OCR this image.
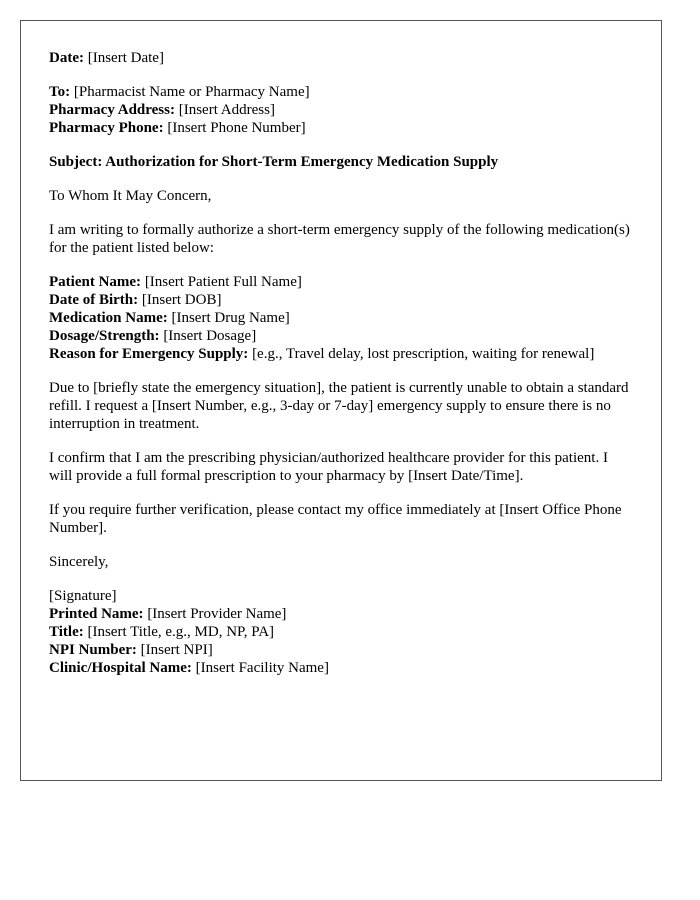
Date: [Insert Date]

To: [Pharmacist Name or Pharmacy Name]
Pharmacy Address: [Insert Address]
Pharmacy Phone: [Insert Phone Number]

Subject: Authorization for Short-Term Emergency Medication Supply

To Whom It May Concern,

I am writing to formally authorize a short-term emergency supply of the following medication(s) for the patient listed below:

Patient Name: [Insert Patient Full Name]
Date of Birth: [Insert DOB]
Medication Name: [Insert Drug Name]
Dosage/Strength: [Insert Dosage]
Reason for Emergency Supply: [e.g., Travel delay, lost prescription, waiting for renewal]

Due to [briefly state the emergency situation], the patient is currently unable to obtain a standard refill. I request a [Insert Number, e.g., 3-day or 7-day] emergency supply to ensure there is no interruption in treatment.

I confirm that I am the prescribing physician/authorized healthcare provider for this patient. I will provide a full formal prescription to your pharmacy by [Insert Date/Time].

If you require further verification, please contact my office immediately at [Insert Office Phone Number].

Sincerely,

[Signature]
Printed Name: [Insert Provider Name]
Title: [Insert Title, e.g., MD, NP, PA]
NPI Number: [Insert NPI]
Clinic/Hospital Name: [Insert Facility Name]
